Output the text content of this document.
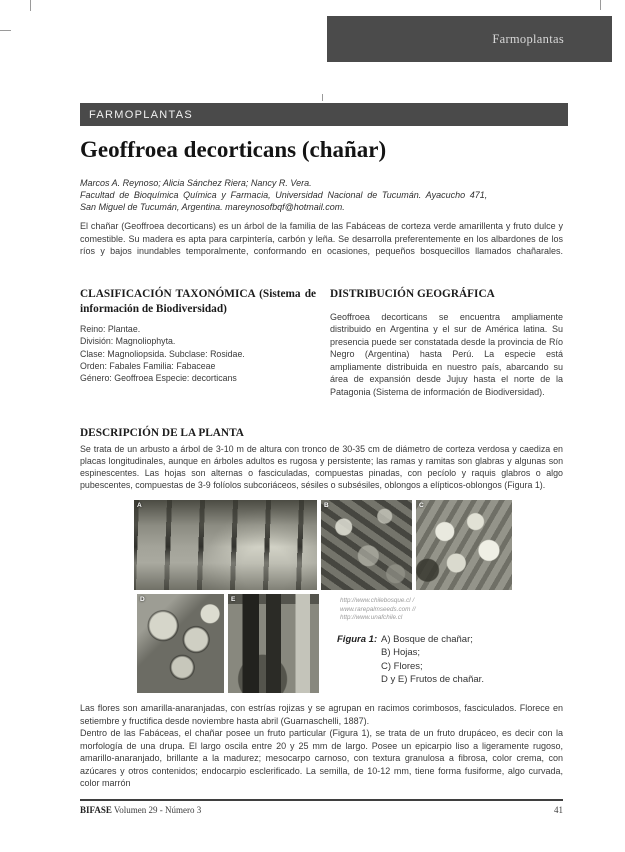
Farmoplantas
FARMOPLANTAS
Geoffroea decorticans (chañar)
Marcos A. Reynoso; Alicia Sánchez Riera; Nancy R. Vera.
Facultad de Bioquímica Química y Farmacia, Universidad Nacional de Tucumán. Ayacucho 471,
San Miguel de Tucumán, Argentina. mareynosofbqf@hotmail.com.
El chañar (Geoffroea decorticans) es un árbol de la familia de las Fabáceas de corteza verde amarillenta y fruto dulce y comestible. Su madera es apta para carpintería, carbón y leña. Se desarrolla preferentemente en los albardones de los ríos y bajos inundables temporalmente, conformando en ocasiones, pequeños bosquecillos llamados chañarales.
CLASIFICACIÓN TAXONÓMICA (Sistema de información de Biodiversidad)
Reino: Plantae.
División: Magnoliophyta.
Clase: Magnoliopsida. Subclase: Rosidae.
Orden: Fabales Familia: Fabaceae
Género: Geoffroea Especie: decorticans
DISTRIBUCIÓN GEOGRÁFICA
Geoffroea decorticans se encuentra ampliamente distribuido en Argentina y el sur de América latina. Su presencia puede ser constatada desde la provincia de Río Negro (Argentina) hasta Perú. La especie está ampliamente distribuida en nuestro país, abarcando su área de expansión desde Jujuy hasta el norte de la Patagonia (Sistema de información de Biodiversidad).
DESCRIPCIÓN DE LA PLANTA
Se trata de un arbusto a árbol de 3-10 m de altura con tronco de 30-35 cm de diámetro de corteza verdosa y caediza en placas longitudinales, aunque en árboles adultos es rugosa y persistente; las ramas y ramitas son glabras y algunas son espinescentes. Las hojas son alternas o fasciculadas, compuestas pinadas, con pecíolo y raquis glabros o algo pubescentes, compuestas de 3-9 folíolos subcoriáceos, sésiles o subsésiles, oblongos a elípticos-oblongos (Figura 1).
A	B	C
D	E	http://www.chilebosque.cl /
www.rarepalmseeds.com //
http://www.unafchile.cl
Figura 1: A) Bosque de chañar;
B) Hojas;
C) Flores;
D y E) Frutos de chañar.

Las flores son amarilla-anaranjadas, con estrías rojizas y se agrupan en racimos corimbosos, fasciculados. Florece en setiembre y fructifica desde noviembre hasta abril (Guarnaschelli, 1887).

Dentro de las Fabáceas, el chañar posee un fruto particular (Figura 1), se trata de un fruto drupáceo, es decir con la morfología de una drupa. El largo oscila entre 20 y 25 mm de largo. Posee un epicarpio liso a ligeramente rugoso, amarillo-anaranjado, brillante a la madurez; mesocarpo carnoso, con textura granulosa a fibrosa, color crema, con azúcares y otros contenidos; endocarpio esclerificado. La semilla, de 10-12 mm, tiene forma fusiforme, algo curvada, color marrón

BIFASE Volumen 29 - Número 3	41
